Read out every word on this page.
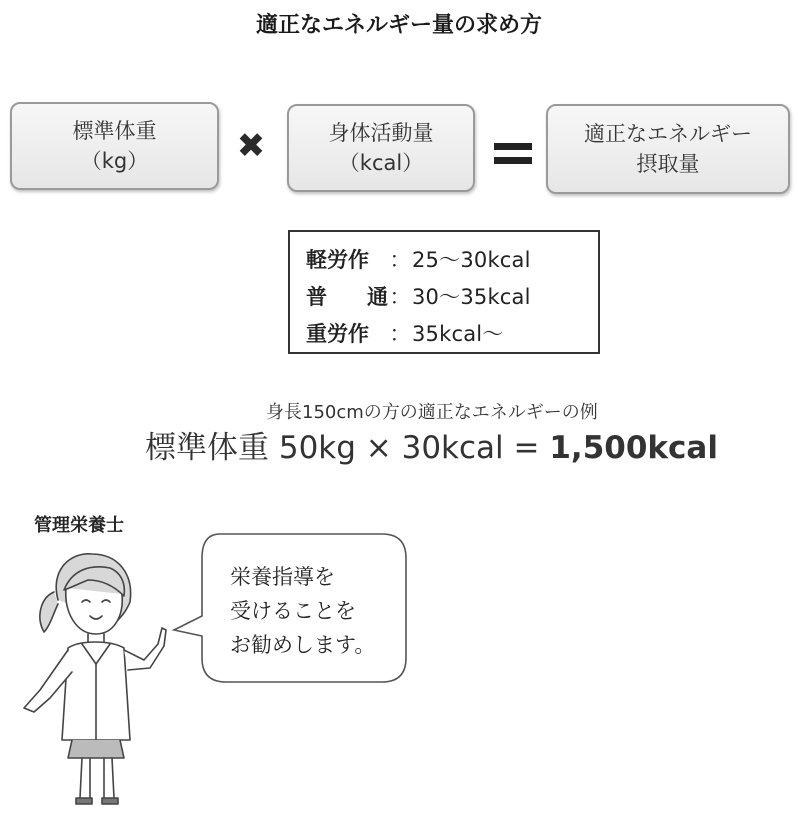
適正なエネルギー量の求め方
標準体重
（kg）	✖	身体活動量
（kcal）
適正なエネルギー
摂取量
軽労作 ： 25〜30kcal
普 通 ： 30〜35kcal
重労作 ： 35kcal〜
身長150cmの方の適正なエネルギーの例
標準体重 50kg × 30kcal = 1,500kcal
管理栄養士
栄養指導を
受けることを
お勧めします。
